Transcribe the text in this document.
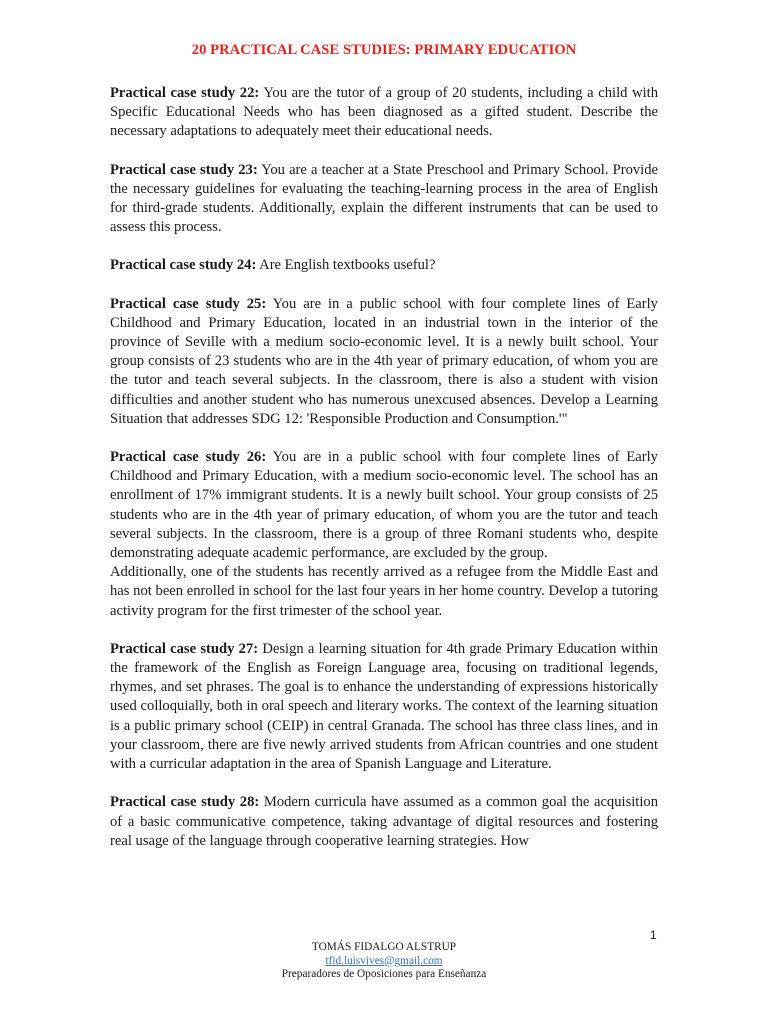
20 PRACTICAL CASE STUDIES: PRIMARY EDUCATION

Practical case study 22: You are the tutor of a group of 20 students, including a child with Specific Educational Needs who has been diagnosed as a gifted student. Describe the necessary adaptations to adequately meet their educational needs.

Practical case study 23: You are a teacher at a State Preschool and Primary School. Provide the necessary guidelines for evaluating the teaching-learning process in the area of English for third-grade students. Additionally, explain the different instruments that can be used to assess this process.

Practical case study 24: Are English textbooks useful?

Practical case study 25: You are in a public school with four complete lines of Early Childhood and Primary Education, located in an industrial town in the interior of the province of Seville with a medium socio-economic level. It is a newly built school. Your group consists of 23 students who are in the 4th year of primary education, of whom you are the tutor and teach several subjects. In the classroom, there is also a student with vision difficulties and another student who has numerous unexcused absences. Develop a Learning Situation that addresses SDG 12: 'Responsible Production and Consumption.'"

Practical case study 26: You are in a public school with four complete lines of Early Childhood and Primary Education, with a medium socio-economic level. The school has an enrollment of 17% immigrant students. It is a newly built school. Your group consists of 25 students who are in the 4th year of primary education, of whom you are the tutor and teach several subjects. In the classroom, there is a group of three Romani students who, despite demonstrating adequate academic performance, are excluded by the group.
Additionally, one of the students has recently arrived as a refugee from the Middle East and has not been enrolled in school for the last four years in her home country. Develop a tutoring activity program for the first trimester of the school year.

Practical case study 27: Design a learning situation for 4th grade Primary Education within the framework of the English as Foreign Language area, focusing on traditional legends, rhymes, and set phrases. The goal is to enhance the understanding of expressions historically used colloquially, both in oral speech and literary works. The context of the learning situation is a public primary school (CEIP) in central Granada. The school has three class lines, and in your classroom, there are five newly arrived students from African countries and one student with a curricular adaptation in the area of Spanish Language and Literature.

Practical case study 28: Modern curricula have assumed as a common goal the acquisition of a basic communicative competence, taking advantage of digital resources and fostering real usage of the language through cooperative learning strategies. How

1
TOMÁS FIDALGO ALSTRUP
tfid.luisvives@gmail.com
Preparadores de Oposiciones para Enseñanza
